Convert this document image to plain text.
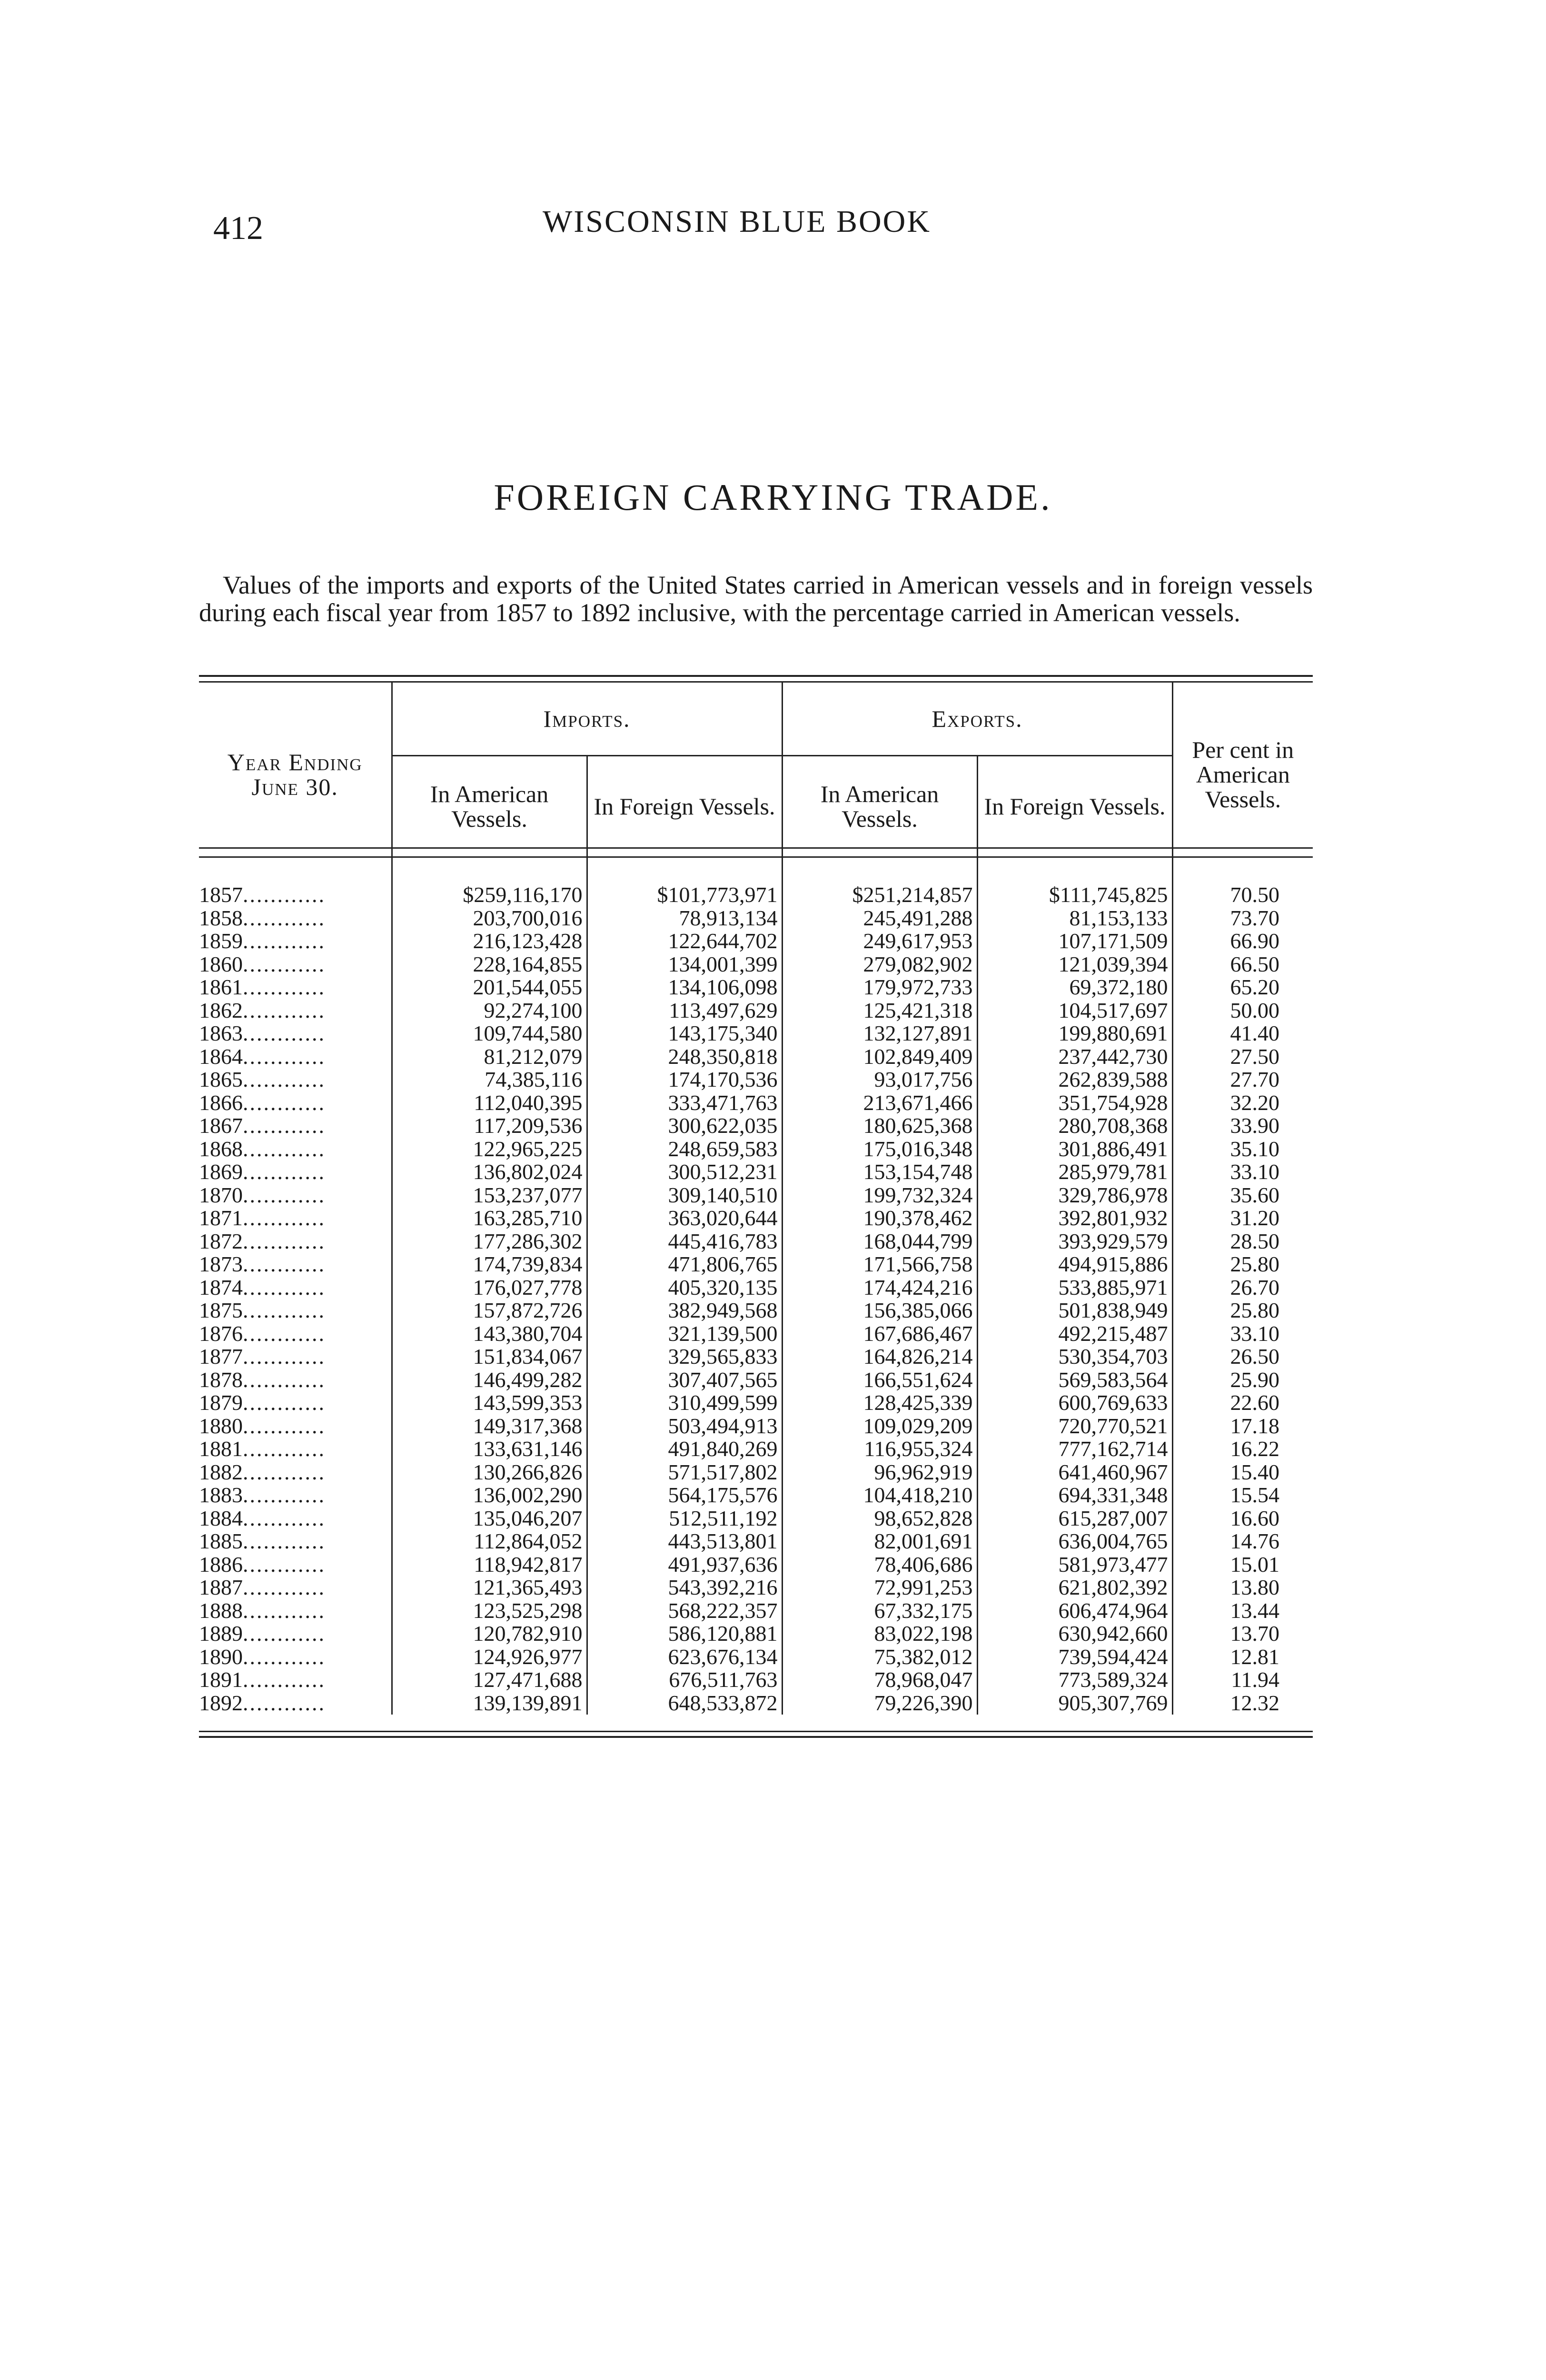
412	WISCONSIN BLUE BOOK
FOREIGN CARRYING TRADE.
Values of the imports and exports of the United States carried in American vessels and in foreign vessels during each fiscal year from 1857 to 1892 inclusive, with the percentage carried in American vessels.
Year Ending
June 30.	Imports.		Exports.		Per cent in American Vessels.
	In American Vessels.	In Foreign Vessels.	In American Vessels.	In Foreign Vessels.	

1857............	$259,116,170	$101,773,971	$251,214,857	$111,745,825	70.50
1858............	203,700,016	78,913,134	245,491,288	81,153,133	73.70
1859............	216,123,428	122,644,702	249,617,953	107,171,509	66.90
1860............	228,164,855	134,001,399	279,082,902	121,039,394	66.50
1861............	201,544,055	134,106,098	179,972,733	69,372,180	65.20
1862............	92,274,100	113,497,629	125,421,318	104,517,697	50.00
1863............	109,744,580	143,175,340	132,127,891	199,880,691	41.40
1864............	81,212,079	248,350,818	102,849,409	237,442,730	27.50
1865............	74,385,116	174,170,536	93,017,756	262,839,588	27.70
1866............	112,040,395	333,471,763	213,671,466	351,754,928	32.20
1867............	117,209,536	300,622,035	180,625,368	280,708,368	33.90
1868............	122,965,225	248,659,583	175,016,348	301,886,491	35.10
1869............	136,802,024	300,512,231	153,154,748	285,979,781	33.10
1870............	153,237,077	309,140,510	199,732,324	329,786,978	35.60
1871............	163,285,710	363,020,644	190,378,462	392,801,932	31.20
1872............	177,286,302	445,416,783	168,044,799	393,929,579	28.50
1873............	174,739,834	471,806,765	171,566,758	494,915,886	25.80
1874............	176,027,778	405,320,135	174,424,216	533,885,971	26.70
1875............	157,872,726	382,949,568	156,385,066	501,838,949	25.80
1876............	143,380,704	321,139,500	167,686,467	492,215,487	33.10
1877............	151,834,067	329,565,833	164,826,214	530,354,703	26.50
1878............	146,499,282	307,407,565	166,551,624	569,583,564	25.90
1879............	143,599,353	310,499,599	128,425,339	600,769,633	22.60
1880............	149,317,368	503,494,913	109,029,209	720,770,521	17.18
1881............	133,631,146	491,840,269	116,955,324	777,162,714	16.22
1882............	130,266,826	571,517,802	96,962,919	641,460,967	15.40
1883............	136,002,290	564,175,576	104,418,210	694,331,348	15.54
1884............	135,046,207	512,511,192	98,652,828	615,287,007	16.60
1885............	112,864,052	443,513,801	82,001,691	636,004,765	14.76
1886............	118,942,817	491,937,636	78,406,686	581,973,477	15.01
1887............	121,365,493	543,392,216	72,991,253	621,802,392	13.80
1888............	123,525,298	568,222,357	67,332,175	606,474,964	13.44
1889............	120,782,910	586,120,881	83,022,198	630,942,660	13.70
1890............	124,926,977	623,676,134	75,382,012	739,594,424	12.81
1891............	127,471,688	676,511,763	78,968,047	773,589,324	11.94
1892............	139,139,891	648,533,872	79,226,390	905,307,769	12.32
